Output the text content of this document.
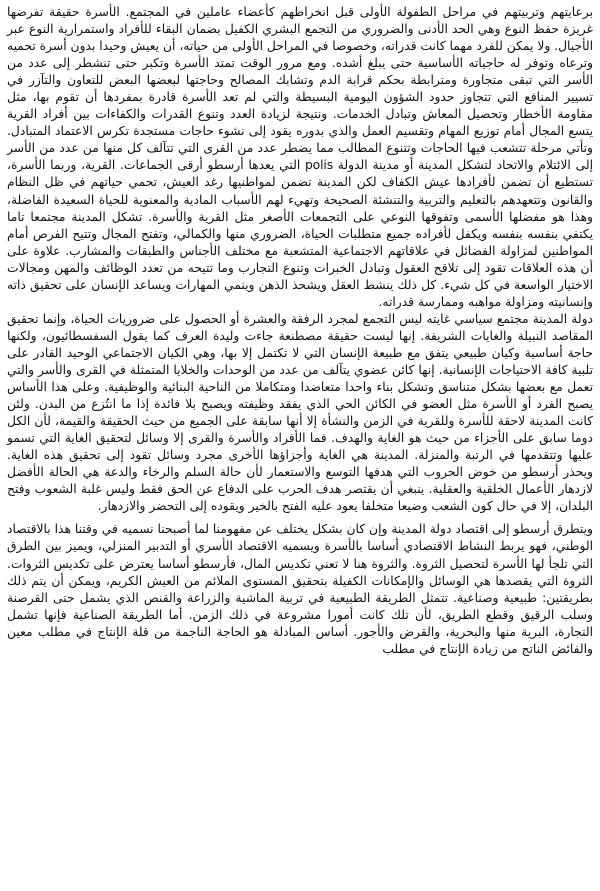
برعايتهم وتربيتهم في مراحل الطفولة الأولى قبل انخراطهم كأعضاء عاملين في المجتمع. الأسرة حقيقة تفرضها غريزة حفظ النوع وهي الحد الأدنى والضروري من التجمع البشري الكفيل بضمان البقاء للأفراد واستمرارية النوع عبر الأجيال. ولا يمكن للفرد مهما كانت قدراته، وخصوصا في المراحل الأولى من حياته، أن يعيش وحيدا بدون أسرة تحميه وترعاه وتوفر له حاجياته الأساسية حتى يبلغ أشده. ومع مرور الوقت تمتد الأسرة وتكبر حتى تنشطر إلى عدد من الأسر التي تبقى متجاورة ومترابطة بحكم قرابة الدم وتشابك المصالح وحاجتها لبعضها البعض للتعاون والتآزر في تسيير المنافع التي تتجاوز حدود الشؤون اليومية البسيطة والتي لم تعد الأسرة قادرة بمفردها أن تقوم بها، مثل مقاومة الأخطار وتحصيل المعاش وتبادل الخدمات. ونتيجة لزيادة العدد وتنوع القدرات والكفاءات بين أفراد القرية يتسع المجال أمام توزيع المهام وتقسيم العمل والذي بدوره يقود إلى نشوء حاجات مستجدة تكرس الاعتماد المتبادل. وتأتي مرحلة تتشعب فيها الحاجات وتتنوع المطالب مما يضطر عدد من القرى التي تتآلف كل منها من عدد من الأسر إلى الائتلام والاتحاد لتشكل المدينة أو مدينة الدولة polis التي يعدها أرسطو أرقى الجماعات. القرية، وربما الأسرة، تستطيع أن تضمن لأفرادها عيش الكفاف لكن المدينة تضمن لمواطنيها رغد العيش، تحمي حياتهم في ظل النظام والقانون وتتعهدهم بالتعليم والتربية والتنشئة الصحيحة وتهيء لهم الأسباب المادية والمعنوية للحياة السعيدة الفاضلة، وهذا هو مفضلها الأسمى وتفوقها النوعي على التجمعات الأصغر مثل القرية والأسرة. تشكل المدينة مجتمعا تاما يكتفي بنفسه بنفسه ويكفل لأفراده جميع متطلبات الحياة، الضروري منها والكمالي، وتفتح المجال وتتيح الفرص أمام المواطنين لمزاولة الفضائل في علاقاتهم الاجتماعية المتشعبة مع مختلف الأجناس والطبقات والمشارب. علاوة على أن هذه العلاقات تقود إلى تلاقح العقول وتبادل الخبرات وتنوع التجارب وما تتيحه من تعدد الوظائف والمهن ومجالات الاختيار الواسعة في كل شيء. كل ذلك ينشط العقل ويشحذ الذهن وينمي المهارات ويساعد الإنسان على تحقيق ذاته وإنسانيته ومزاولة مواهبه وممارسة قدراته.

دولة المدينة مجتمع سياسي غايته ليس التجمع لمجرد الرفقة والعشرة أو الحصول على ضروريات الحياة، وإنما تحقيق المقاصد النبيلة والغايات الشريفة. إنها ليست حقيقة مصطنعة جاءت وليدة العرف كما يقول السفسطائيون، ولكنها حاجة أساسية وكيان طبيعي يتفق مع طبيعة الإنسان التي لا تكتمل إلا بها، وهي الكيان الاجتماعي الوحيد القادر على تلبية كافة الاحتياجات الإنسانية. إنها كائن عضوي يتآلف من عدد من الوحدات والخلايا المتمثلة في القرى والأسر والتي تعمل مع بعضها بشكل متناسق وتشكل بناء واحدا متعاضدا ومتكاملا من الناحية البنائية والوظيفية. وعلى هذا الأساس يصبح الفرد أو الأسرة مثل العضو في الكائن الحي الذي يفقد وظيفته ويصبح بلا فائدة إذا ما انتُزع من البدن. ولئن كانت المدينة لاحقة للأسرة وللقرية في الزمن والنشأة إلا أنها سابقة على الجميع من حيث الحقيقة والقيمة، لأن الكل دوما سابق على الأجزاء من حيث هو الغاية والهدف. فما الأفراد والأسرة والقرى إلا وسائل لتحقيق الغاية التي تسمو عليها وتتقدمها في الرتبة والمنزلة. المدينة هي الغاية وأجزاؤها الأخرى مجرد وسائل تقود إلى تحقيق هذه الغاية. ويحذر أرسطو من خوض الحروب التي هدفها التوسع والاستعمار لأن حالة السلم والرخاء والدعة هي الحالة الأفضل لازدهار الأعمال الخلقية والعقلية. ينبغي أن يقتصر هدف الحرب على الدفاع عن الحق فقط وليس غلبة الشعوب وفتح البلدان، إلا في حال كون الشعب وضيعا متخلفا يعود عليه الفتح بالخير ويقوده إلى التحضر والازدهار.

ويتطرق أرسطو إلى اقتصاد دولة المدينة وإن كان بشكل يختلف عن مفهومنا لما أصبحنا نسميه في وقتنا هذا بالاقتصاد الوطني، فهو يربط النشاط الاقتصادي أساسا بالأسرة ويسميه الاقتصاد الأسري أو التدبير المنزلي، ويميز بين الطرق التي تلجأ لها الأسرة لتحصيل الثروة. والثروة هنا لا تعني تكديس المال، فأرسطو أساسا يعترض على تكديس الثروات. الثروة التي يقصدها هي الوسائل والإمكانات الكفيلة بتحقيق المستوى الملائم من العيش الكريم، ويمكن أن يتم ذلك بطريقتين: طبيعية وصناعية. تتمثل الطريقة الطبيعية في تربية الماشية والزراعة والقنص الذي يشمل حتى القرصنة وسلب الرقيق وقطع الطريق، لأن تلك كانت أمورا مشروعة في ذلك الزمن. أما الطريقة الصناعية فإنها تشمل التجارة، البرية منها والبحرية، والقرض والأجور. أساس المبادلة هو الحاجة الناجمة من قلة الإنتاج في مطلب معين والفائض الناتج من زيادة الإنتاج في مطلب
